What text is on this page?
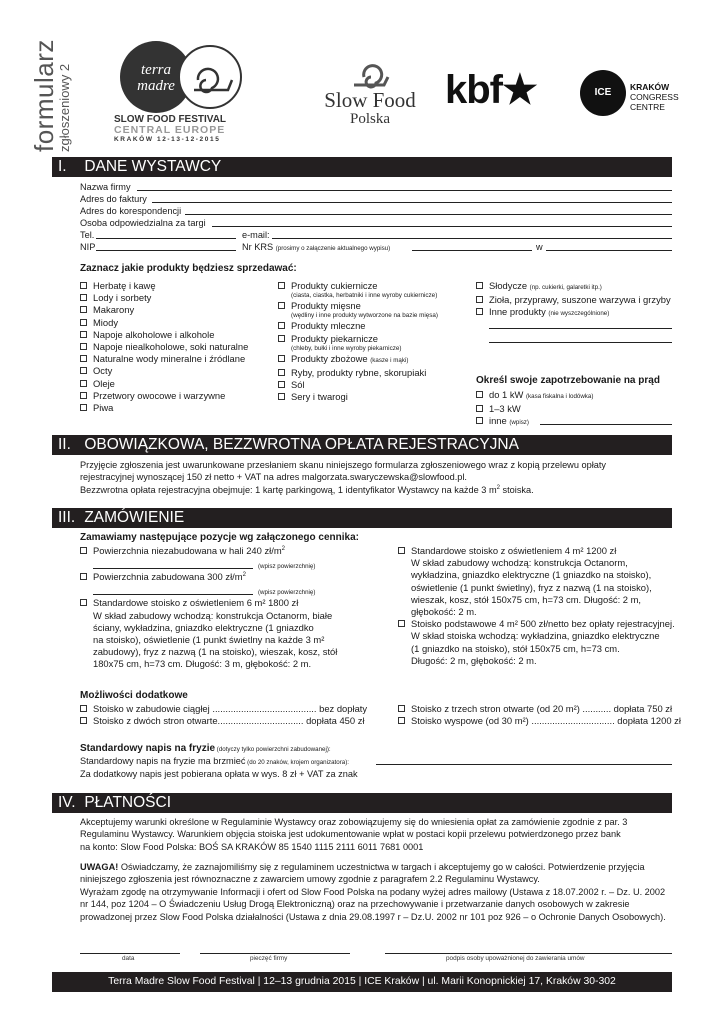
formularz
zgłoszeniowy 2	terra
madre
SLOW FOOD FESTIVAL
CENTRAL EUROPE
KRAKÓW 12-13-12-2015
Slow Food
Polska
kbf★	ICE	KRAKÓW
CONGRESS
CENTRE
I. DANE WYSTAWCY
Nazwa firmy
Adres do faktury
Adres do korespondencji
Osoba odpowiedzialna za targi
Tel.	e-mail:
NIP	Nr KRS (prosimy o załączenie aktualnego wypisu)	w
Zaznacz jakie produkty będziesz sprzedawać:
Herbatę i kawę
Lody i sorbety
Makarony
Miody
Napoje alkoholowe i alkohole
Napoje niealkoholowe, soki naturalne
Naturalne wody mineralne i źródlane
Octy
Oleje
Przetwory owocowe i warzywne
Piwa
Produkty cukiernicze
(ciasta, ciastka, herbatniki i inne wyroby cukiernicze)
Produkty mięsne
(wędliny i inne produkty wytworzone na bazie mięsa)
Produkty mleczne
Produkty piekarnicze
(chleby, bułki i inne wyroby piekarnicze)
Produkty zbożowe (kasze i mąki)
Ryby, produkty rybne, skorupiaki
Sól
Sery i twarogi
Słodycze (np. cukierki, galaretki itp.)
Zioła, przyprawy, suszone warzywa i grzyby
Inne produkty (nie wyszczególnione)
Określ swoje zapotrzebowanie na prąd
do 1 kW (kasa fiskalna i lodówka)
1–3 kW
inne (wpisz)
II. OBOWIĄZKOWA, BEZZWROTNA OPŁATA REJESTRACYJNA

Przyjęcie zgłoszenia jest uwarunkowane przesłaniem skanu niniejszego formularza zgłoszeniowego wraz z kopią przelewu opłaty

rejestracyjnej wynoszącej 150 zł netto + VAT na adres malgorzata.swaryczewska@slowfood.pl.

Bezzwrotna opłata rejestracyjna obejmuje: 1 kartę parkingową, 1 identyfikator Wystawcy na każde 3 $m^2$ stoiska.

III. ZAMÓWIENIE
Zamawiamy następujące pozycje wg załączonego cennika:
Powierzchnia niezabudowana w hali 240 $zł/m^2$
(wpisz powierzchnię)
Powierzchnia zabudowana 300 $zł/m^2$
(wpisz powierzchnię)
Standardowe stoisko z oświetleniem 6 m² 1800 zł
W skład zabudowy wchodzą: konstrukcja Octanorm, białe
ściany, wykładzina, gniazdko elektryczne (1 gniazdko
na stoisko), oświetlenie (1 punkt świetlny na każde 3 m²
zabudowy), fryz z nazwą (1 na stoisko), wieszak, kosz, stół
180x75 cm, h=73 cm. Długość: 3 m, głębokość: 2 m.
Standardowe stoisko z oświetleniem 4 m² 1200 zł
W skład zabudowy wchodzą: konstrukcja Octanorm,
wykładzina, gniazdko elektryczne (1 gniazdko na stoisko),
oświetlenie (1 punkt świetlny), fryz z nazwą (1 na stoisko),
wieszak, kosz, stół 150x75 cm, h=73 cm. Długość: 2 m,
głębokość: 2 m.
Stoisko podstawowe 4 m² 500 zł/netto bez opłaty rejestracyjnej.
W skład stoiska wchodzą: wykładzina, gniazdko elektryczne
(1 gniazdko na stoisko), stół 150x75 cm, h=73 cm.
Długość: 2 m, głębokość: 2 m.
Możliwości dodatkowe
Stoisko w zabudowie ciągłej ........................................ bez dopłaty
Stoisko z dwóch stron otwarte................................. dopłata 450 zł
Stoisko z trzech stron otwarte (od 20 m²) ........... dopłata 750 zł
Stoisko wyspowe (od 30 m²) ................................ dopłata 1200 zł
Standardowy napis na fryzie (dotyczy tylko powierzchni zabudowanej):
Standardowy napis na fryzie ma brzmieć (do 20 znaków, krojem organizatora):
Za dodatkowy napis jest pobierana opłata w wys. 8 zł + VAT za znak
IV. PŁATNOŚCI

Akceptujemy warunki określone w Regulaminie Wystawcy oraz zobowiązujemy się do wniesienia opłat za zamówienie zgodnie z par. 3

Regulaminu Wystawcy. Warunkiem objęcia stoiska jest udokumentowanie wpłat w postaci kopii przelewu potwierdzonego przez bank

na konto: Slow Food Polska: BOŚ SA KRAKÓW 85 1540 1115 2111 6011 7681 0001

UWAGA! Oświadczamy, że zaznajomiliśmy się z regulaminem uczestnictwa w targach i akceptujemy go w całości. Potwierdzenie przyjęcia

niniejszego zgłoszenia jest równoznaczne z zawarciem umowy zgodnie z paragrafem 2.2 Regulaminu Wystawcy.

Wyrażam zgodę na otrzymywanie Informacji i ofert od Slow Food Polska na podany wyżej adres mailowy (Ustawa z 18.07.2002 r. – Dz. U. 2002

nr 144, poz 1204 – O Świadczeniu Usług Drogą Elektroniczną) oraz na przechowywanie i przetwarzanie danych osobowych w zakresie

prowadzonej przez Slow Food Polska działalności (Ustawa z dnia 29.08.1997 r – Dz.U. 2002 nr 101 poz 926 – o Ochronie Danych Osobowych).

data	pieczęć firmy	podpis osoby upoważnionej do zawierania umów
Terra Madre Slow Food Festival | 12–13 grudnia 2015 | ICE Kraków | ul. Marii Konopnickiej 17, Kraków 30-302
